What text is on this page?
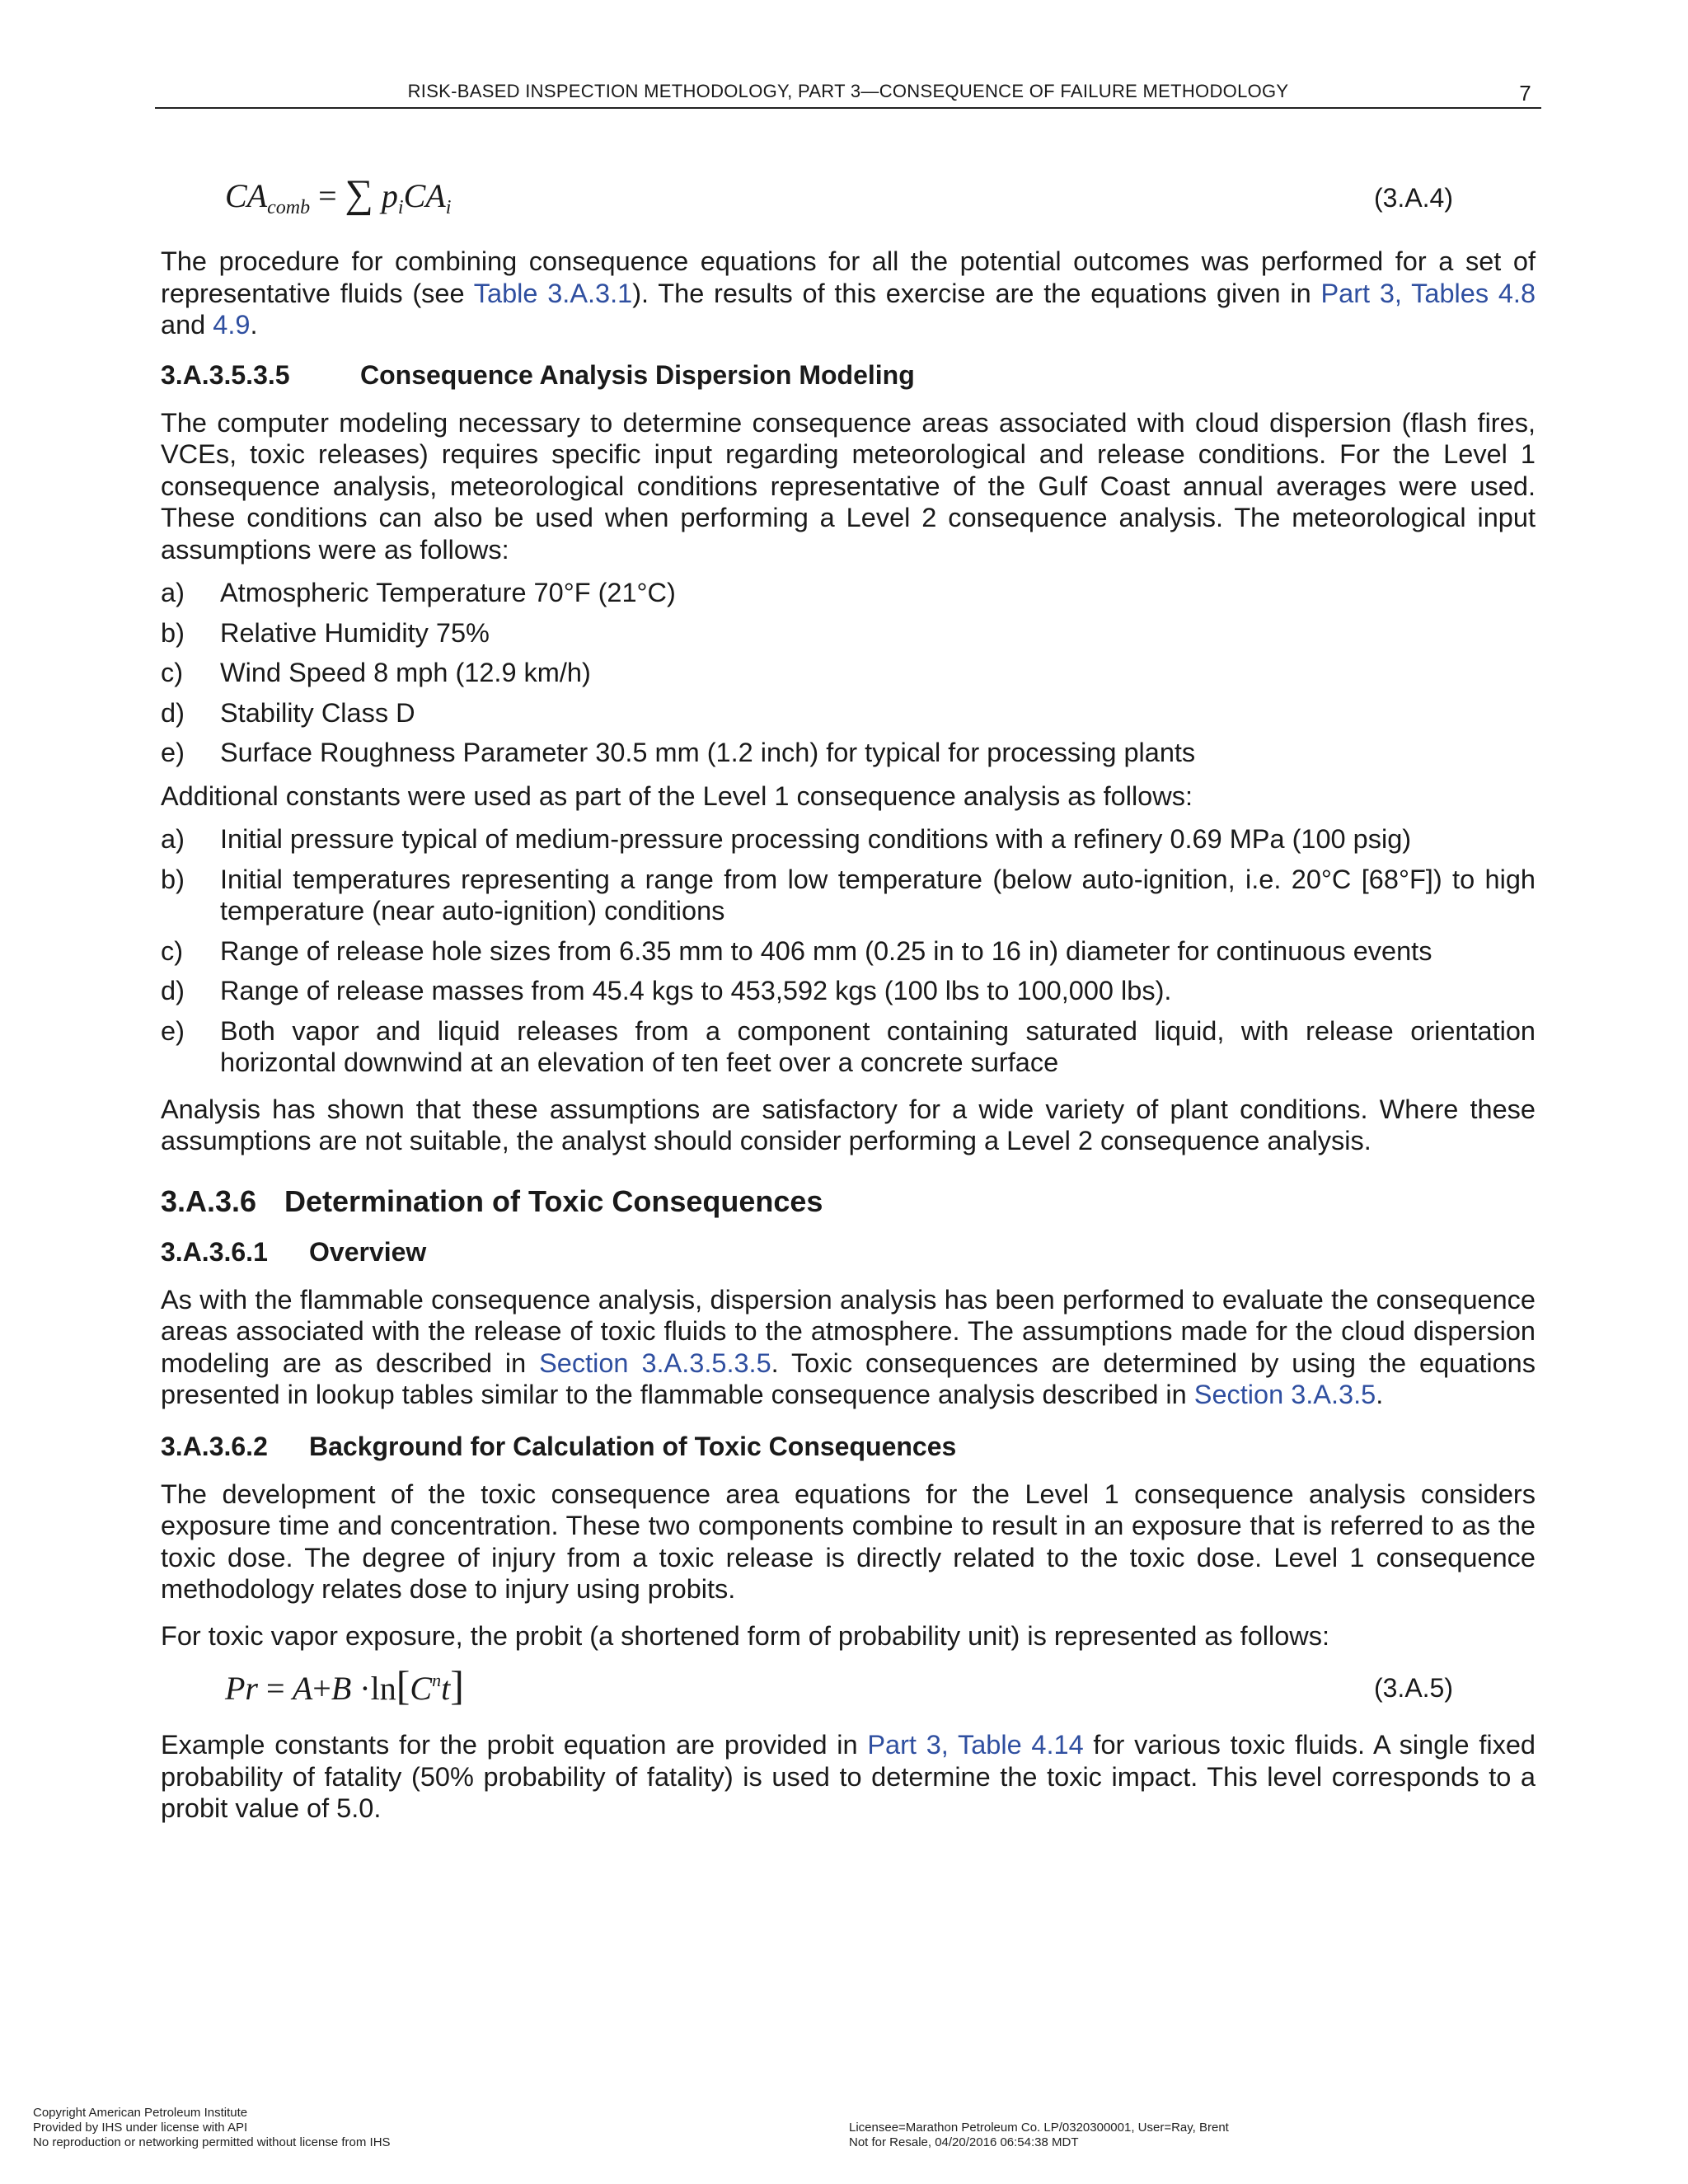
RISK-BASED INSPECTION METHODOLOGY, PART 3—CONSEQUENCE OF FAILURE METHODOLOGY	7
$CA_{comb}$ = ∑ $p_iCA_i$	(3.A.4)

The procedure for combining consequence equations for all the potential outcomes was performed for a set of representative fluids (see Table 3.A.3.1). The results of this exercise are the equations given in Part 3, Tables 4.8 and 4.9.

3.A.3.5.3.5	Consequence Analysis Dispersion Modeling

The computer modeling necessary to determine consequence areas associated with cloud dispersion (flash fires, VCEs, toxic releases) requires specific input regarding meteorological and release conditions. For the Level 1 consequence analysis, meteorological conditions representative of the Gulf Coast annual averages were used. These conditions can also be used when performing a Level 2 consequence analysis. The meteorological input assumptions were as follows:

a)	Atmospheric Temperature 70°F (21°C)
b)	Relative Humidity 75%
c)	Wind Speed 8 mph (12.9 km/h)
d)	Stability Class D
e)	Surface Roughness Parameter 30.5 mm (1.2 inch) for typical for processing plants

Additional constants were used as part of the Level 1 consequence analysis as follows:

a)	Initial pressure typical of medium-pressure processing conditions with a refinery 0.69 MPa (100 psig)
b)	Initial temperatures representing a range from low temperature (below auto-ignition, i.e. 20°C [68°F]) to high temperature (near auto-ignition) conditions
c)	Range of release hole sizes from 6.35 mm to 406 mm (0.25 in to 16 in) diameter for continuous events
d)	Range of release masses from 45.4 kgs to 453,592 kgs (100 lbs to 100,000 lbs).
e)	Both vapor and liquid releases from a component containing saturated liquid, with release orientation horizontal downwind at an elevation of ten feet over a concrete surface

Analysis has shown that these assumptions are satisfactory for a wide variety of plant conditions. Where these assumptions are not suitable, the analyst should consider performing a Level 2 consequence analysis.

3.A.3.6 Determination of Toxic Consequences
3.A.3.6.1 Overview

As with the flammable consequence analysis, dispersion analysis has been performed to evaluate the consequence areas associated with the release of toxic fluids to the atmosphere. The assumptions made for the cloud dispersion modeling are as described in Section 3.A.3.5.3.5. Toxic consequences are determined by using the equations presented in lookup tables similar to the flammable consequence analysis described in Section 3.A.3.5.

3.A.3.6.2 Background for Calculation of Toxic Consequences

The development of the toxic consequence area equations for the Level 1 consequence analysis considers exposure time and concentration. These two components combine to result in an exposure that is referred to as the toxic dose. The degree of injury from a toxic release is directly related to the toxic dose. Level 1 consequence methodology relates dose to injury using probits.

For toxic vapor exposure, the probit (a shortened form of probability unit) is represented as follows:

$Pr = A+B \cdot\ln[C^nt]$	(3.A.5)

Example constants for the probit equation are provided in Part 3, Table 4.14 for various toxic fluids. A single fixed probability of fatality (50% probability of fatality) is used to determine the toxic impact. This level corresponds to a probit value of 5.0.

Copyright American Petroleum Institute
Provided by IHS under license with API
No reproduction or networking permitted without license from IHS
Licensee=Marathon Petroleum Co. LP/0320300001, User=Ray, Brent
Not for Resale, 04/20/2016 06:54:38 MDT
